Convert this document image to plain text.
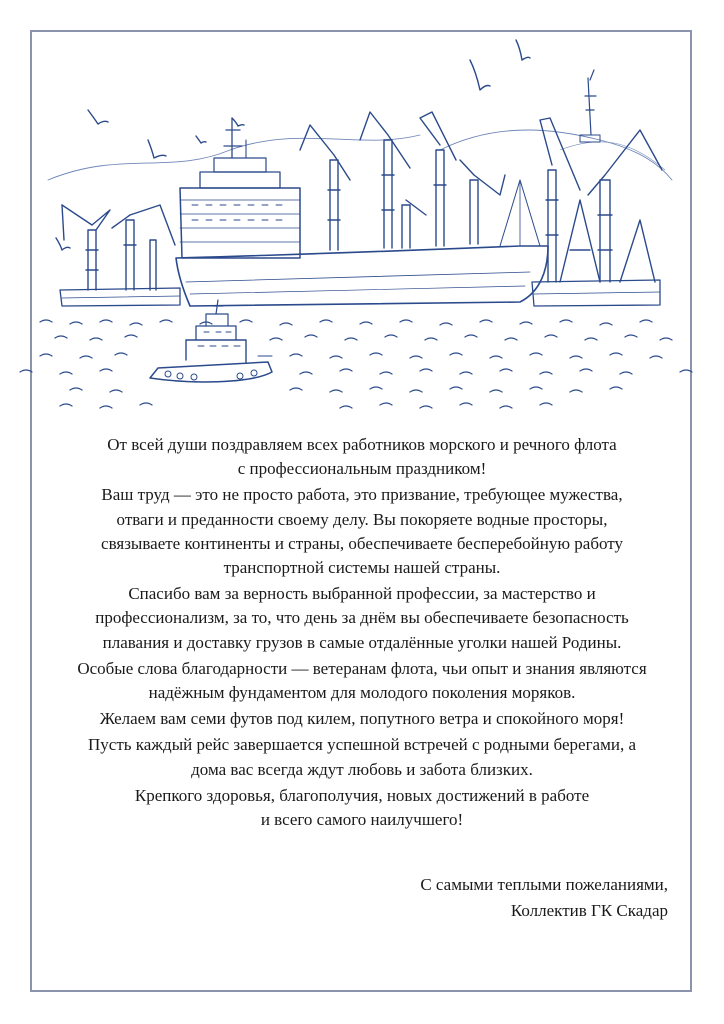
От всей души поздравляем всех работников морского и речного флота
с профессиональным праздником!

Ваш труд — это не просто работа, это призвание, требующее мужества,
отваги и преданности своему делу. Вы покоряете водные просторы,
связываете континенты и страны, обеспечиваете бесперебойную работу
транспортной системы нашей страны.

Спасибо вам за верность выбранной профессии, за мастерство и
профессионализм, за то, что день за днём вы обеспечиваете безопасность
плавания и доставку грузов в самые отдалённые уголки нашей Родины.

Особые слова благодарности — ветеранам флота, чьи опыт и знания являются
надёжным фундаментом для молодого поколения моряков.

Желаем вам семи футов под килем, попутного ветра и спокойного моря!

Пусть каждый рейс завершается успешной встречей с родными берегами, а
дома вас всегда ждут любовь и забота близких.

Крепкого здоровья, благополучия, новых достижений в работе
и всего самого наилучшего!

С самыми теплыми пожеланиями,
Коллектив ГК Скадар
